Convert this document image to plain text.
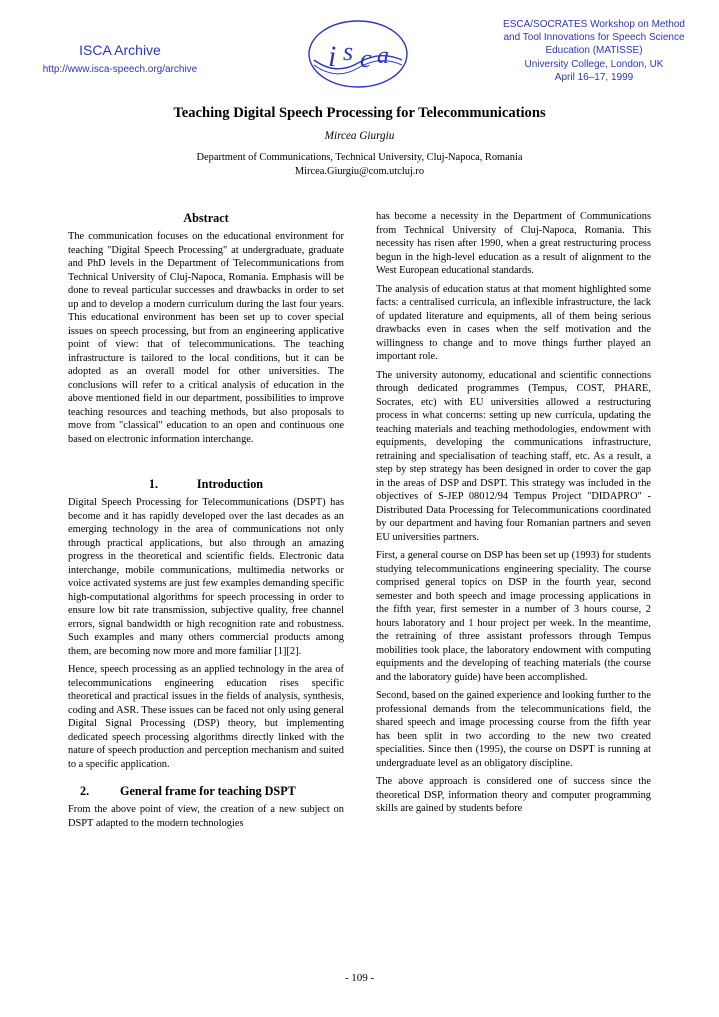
ISCA Archive
http://www.isca-speech.org/archive	i s c a
ESCA/SOCRATES Workshop on Method
and Tool Innovations for Speech Science
Education (MATISSE)
University College, London, UK
April 16–17, 1999
Teaching Digital Speech Processing for Telecommunications
Mircea Giurgiu
Department of Communications, Technical University, Cluj-Napoca, Romania
Mircea.Giurgiu@com.utcluj.ro
Abstract

The communication focuses on the educational environment for teaching "Digital Speech Processing" at undergraduate, graduate and PhD levels in the Department of Telecommunications from Technical University of Cluj-Napoca, Romania. Emphasis will be done to reveal particular successes and drawbacks in order to set up and to develop a modern curriculum during the last four years. This educational environment has been set up to cover special issues on speech processing, but from an engineering applicative point of view: that of telecommunications. The teaching infrastructure is tailored to the local conditions, but it can be adopted as an overall model for other universities. The conclusions will refer to a critical analysis of education in the above mentioned field in our department, possibilities to improve teaching resources and teaching methods, but also proposals to move from "classical" education to an open and continuous one based on electronic information interchange.

1.	Introduction

Digital Speech Processing for Telecommunications (DSPT) has become and it has rapidly developed over the last decades as an emerging technology in the area of communications not only through practical applications, but also through an amazing progress in the theoretical and scientific fields. Electronic data interchange, mobile communications, multimedia networks or voice activated systems are just few examples demanding specific high-computational algorithms for speech processing in order to ensure low bit rate transmission, subjective quality, free channel errors, signal bandwidth or high recognition rate and robustness. Such examples and many others commercial products among them, are becoming now more and more familiar [1][2].

Hence, speech processing as an applied technology in the area of telecommunications engineering education rises specific theoretical and practical issues in the fields of analysis, synthesis, coding and ASR. These issues can be faced not only using general Digital Signal Processing (DSP) theory, but implementing dedicated speech processing algorithms directly linked with the nature of speech production and perception mechanism and suited to a specific application.

2.	General frame for teaching DSPT

From the above point of view, the creation of a new subject on DSPT adapted to the modern technologies

has become a necessity in the Department of Communications from Technical University of Cluj-Napoca, Romania. This necessity has risen after 1990, when a great restructuring process begun in the high-level education as a result of alignment to the West European educational standards.

The analysis of education status at that moment highlighted some facts: a centralised curricula, an inflexible infrastructure, the lack of updated literature and equipments, all of them being serious drawbacks even in cases when the self motivation and the willingness to change and to move things further played an important role.

The university autonomy, educational and scientific connections through dedicated programmes (Tempus, COST, PHARE, Socrates, etc) with EU universities allowed a restructuring process in what concerns: setting up new curricula, updating the teaching materials and teaching methodologies, endowment with equipments, developing the communications infrastructure, retraining and specialisation of teaching staff, etc. As a result, a step by step strategy has been designed in order to cover the gap in the areas of DSP and DSPT. This strategy was included in the objectives of S-JEP 08012/94 Tempus Project "DIDAPRO" - Distributed Data Processing for Telecommunications coordinated by our department and having four Romanian partners and seven EU universities partners.

First, a general course on DSP has been set up (1993) for students studying telecommunications engineering speciality. The course comprised general topics on DSP in the fourth year, second semester and both speech and image processing applications in the fifth year, first semester in a number of 3 hours course, 2 hours laboratory and 1 hour project per week. In the meantime, the retraining of three assistant professors through Tempus mobilities took place, the laboratory endowment with computing equipments and the developing of teaching materials (the course and the laboratory guide) have been accomplished.

Second, based on the gained experience and looking further to the professional demands from the telecommunications field, the shared speech and image processing course from the fifth year has been split in two according to the new two created specialities. Since then (1995), the course on DSPT is running at undergraduate level as an obligatory discipline.

The above approach is considered one of success since the theoretical DSP, information theory and computer programming skills are gained by students before

- 109 -
